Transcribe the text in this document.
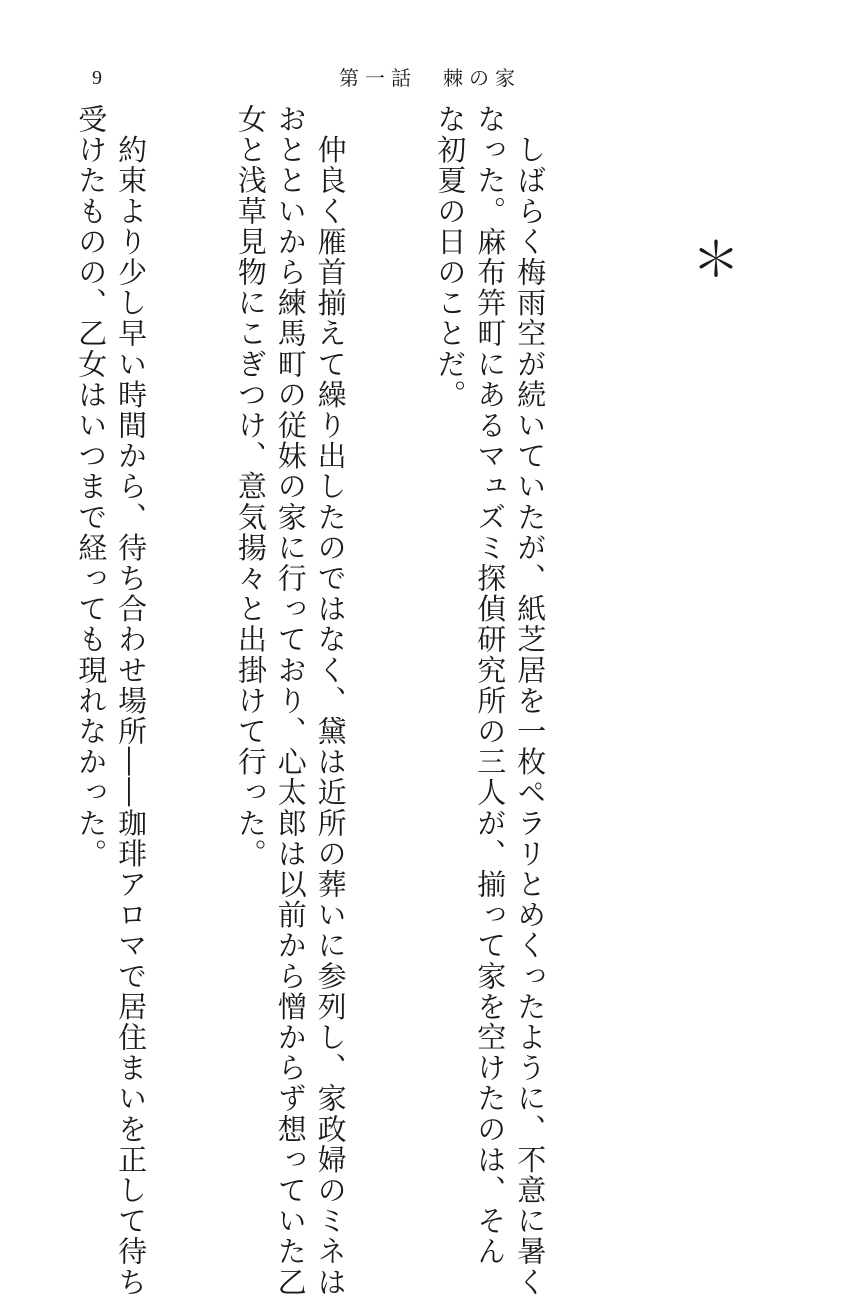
9	第一話　棘の家
＊

　しばらく梅雨空が続いていたが、紙芝居を一枚ペラリとめくったように、不意に暑く
なった。麻布笄町にあるマュズミ探偵研究所の三人が、揃って家を空けたのは、そん
な初夏の日のことだ。

　仲良く雁首揃えて繰り出したのではなく、黛は近所の葬いに参列し、家政婦のミネは
おとといから練馬町の従妹の家に行っており、心太郎は以前から憎からず想っていた乙
女と浅草見物にこぎつけ、意気揚々と出掛けて行った。

　約束より少し早い時間から、待ち合わせ場所――珈琲アロマで居住まいを正して待ち
受けたものの、乙女はいつまで経っても現れなかった。
